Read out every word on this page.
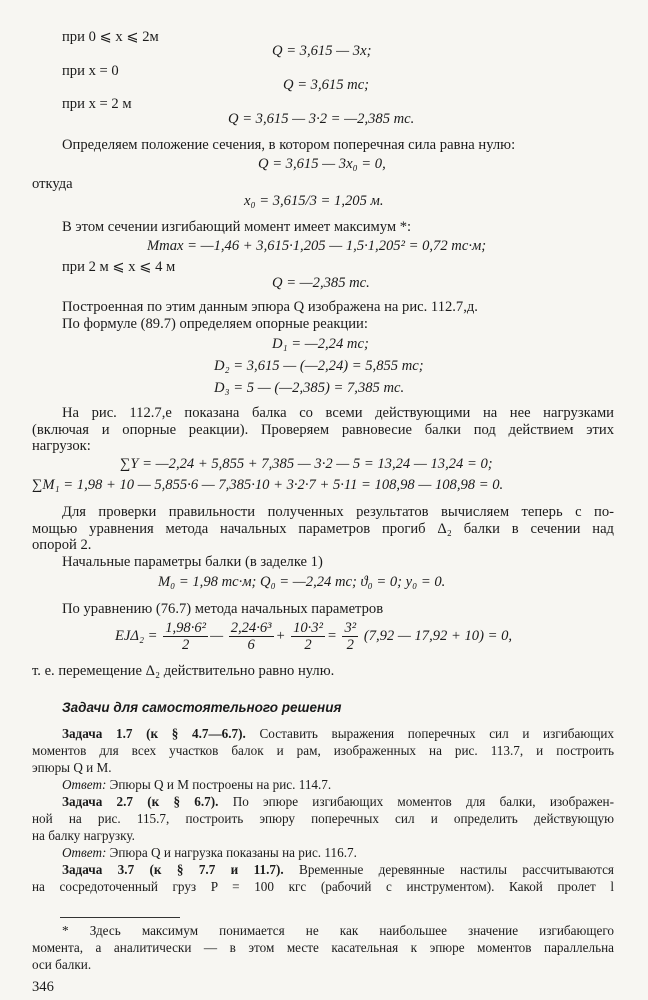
при 0 ⩽ x ⩽ 2м
Q = 3,615 — 3x;
при x = 0
Q = 3,615 тс;
при x = 2 м
Q = 3,615 — 3·2 = —2,385 тс.
Определяем положение сечения, в котором поперечная сила равна нулю:
Q = 3,615 — 3x₀ = 0,
откуда
x₀ = 3,615/3 = 1,205 м.
В этом сечении изгибающий момент имеет максимум *:
Mmax = —1,46 + 3,615·1,205 — 1,5·1,205² = 0,72 тс·м;
при 2 м ⩽ x ⩽ 4 м
Q = —2,385 тс.
Построенная по этим данным эпюра Q изображена на рис. 112.7,д.
По формуле (89.7) определяем опорные реакции:
D₁ = —2,24 тс;
D₂ = 3,615 — (—2,24) = 5,855 тс;
D₃ = 5 — (—2,385) = 7,385 тс.
На рис. 112.7,е показана балка со всеми действующими на нее нагрузками
(включая и опорные реакции). Проверяем равновесие балки под действием этих
нагрузок:
∑Y = —2,24 + 5,855 + 7,385 — 3·2 — 5 = 13,24 — 13,24 = 0;
∑M₁ = 1,98 + 10 — 5,855·6 — 7,385·10 + 3·2·7 + 5·11 = 108,98 — 108,98 = 0.
Для проверки правильности полученных результатов вычисляем теперь с по-
мощью уравнения метода начальных параметров прогиб Δ₂ балки в сечении над
опорой 2.
Начальные параметры балки (в заделке 1)
M₀ = 1,98 тс·м; Q₀ = —2,24 тс; ϑ₀ = 0; y₀ = 0.
По уравнению (76.7) метода начальных параметров
$EJ\Delta_2 = \frac{\text{1,98·6²}}{2}$ — $\frac{\text{2,24·6³}}{6} + \frac{\text{10·3²}}{2} = \frac{\text{3²}}{2} (7,92$ — 17,92 + 10) = 0,
т. е. перемещение Δ₂ действительно равно нулю.
Задачи для самостоятельного решения
Задача 1.7 (к § 4.7—6.7). Составить выражения поперечных сил и изгибающих
моментов для всех участков балок и рам, изображенных на рис. 113.7, и построить
эпюры Q и M.
Ответ: Эпюры Q и M построены на рис. 114.7.
Задача 2.7 (к § 6.7). По эпюре изгибающих моментов для балки, изображен-
ной на рис. 115.7, построить эпюру поперечных сил и определить действующую
на балку нагрузку.
Ответ: Эпюра Q и нагрузка показаны на рис. 116.7.
Задача 3.7 (к § 7.7 и 11.7). Временные деревянные настилы рассчитываются
на сосредоточенный груз P = 100 кгс (рабочий с инструментом). Какой пролет l
* Здесь максимум понимается не как наибольшее значение изгибающего
момента, а аналитически — в этом месте касательная к эпюре моментов параллельна
оси балки.
346
